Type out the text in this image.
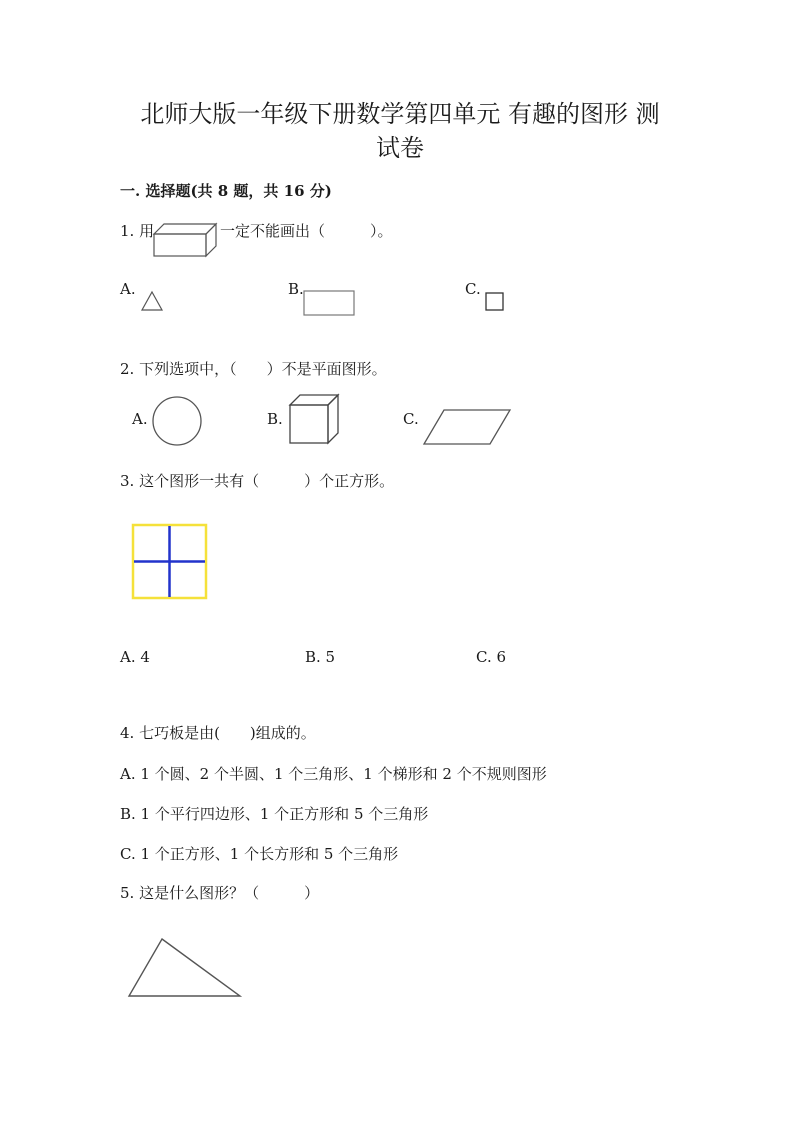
北师大版一年级下册数学第四单元 有趣的图形 测
试卷
一. 选择题(共 8 题，共 16 分)
1. 用	一定不能画出（　　　）。
A.	B.	C.
2. 下列选项中，（　　）不是平面图形。
A.	B.	C.
3. 这个图形一共有（　　　）个正方形。
A. 4	B. 5	C. 6
4. 七巧板是由(　　)组成的。
A. 1 个圆、2 个半圆、1 个三角形、1 个梯形和 2 个不规则图形
B. 1 个平行四边形、1 个正方形和 5 个三角形
C. 1 个正方形、1 个长方形和 5 个三角形
5. 这是什么图形？（　　　）
